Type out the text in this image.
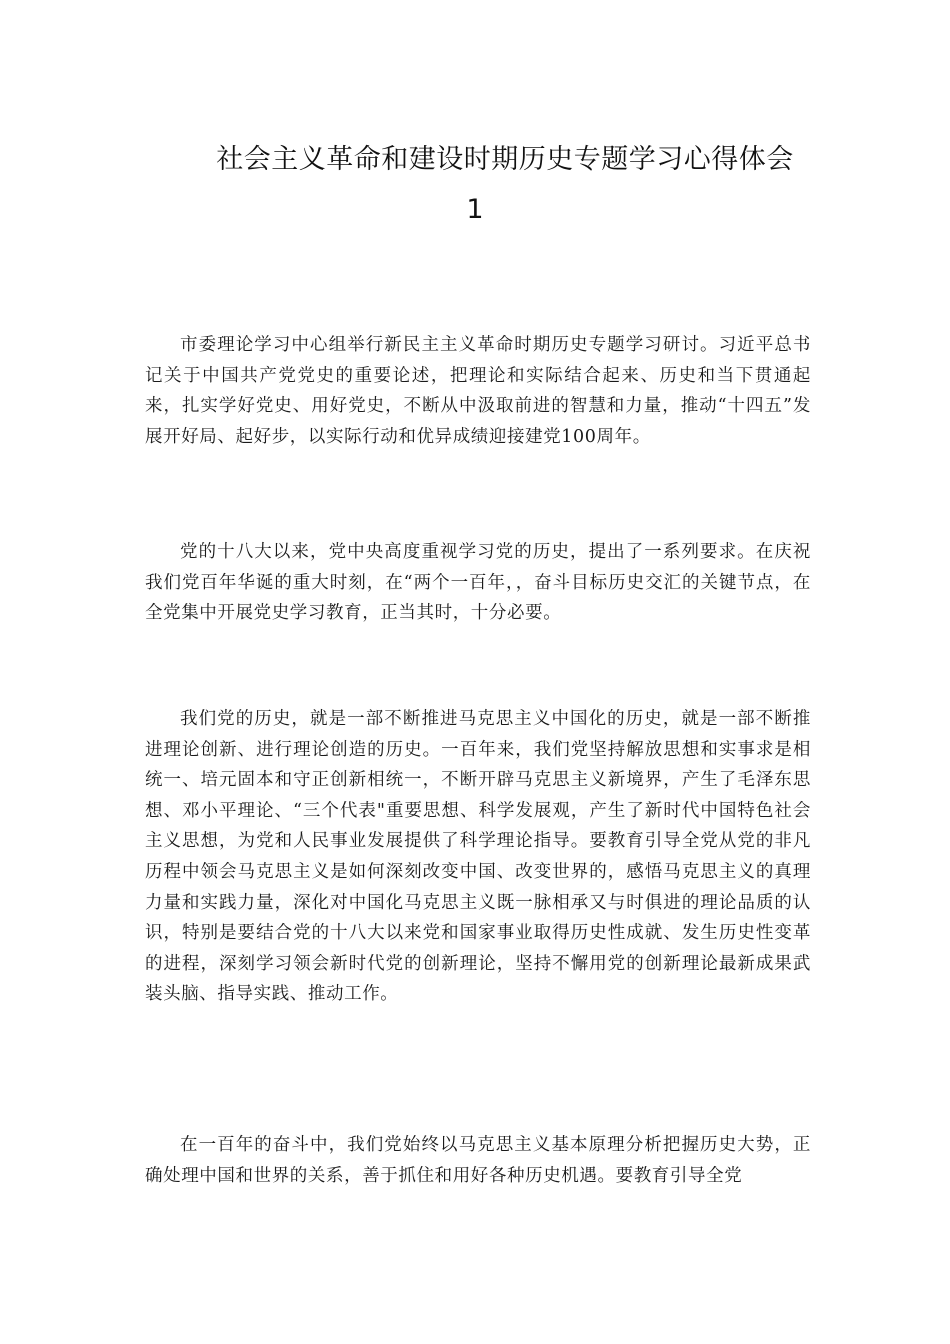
社会主义革命和建设时期历史专题学习心得体会
1

市委理论学习中心组举行新民主主义革命时期历史专题学习研讨。习近平总书记关于中国共产党党史的重要论述，把理论和实际结合起来、历史和当下贯通起来，扎实学好党史、用好党史，不断从中汲取前进的智慧和力量，推动“十四五”发展开好局、起好步，以实际行动和优异成绩迎接建党100周年。

党的十八大以来，党中央高度重视学习党的历史，提出了一系列要求。在庆祝我们党百年华诞的重大时刻，在“两个一百年，，奋斗目标历史交汇的关键节点，在全党集中开展党史学习教育，正当其时，十分必要。

我们党的历史，就是一部不断推进马克思主义中国化的历史，就是一部不断推进理论创新、进行理论创造的历史。一百年来，我们党坚持解放思想和实事求是相统一、培元固本和守正创新相统一，不断开辟马克思主义新境界，产生了毛泽东思想、邓小平理论、“三个代表"重要思想、科学发展观，产生了新时代中国特色社会主义思想，为党和人民事业发展提供了科学理论指导。要教育引导全党从党的非凡历程中领会马克思主义是如何深刻改变中国、改变世界的，感悟马克思主义的真理力量和实践力量，深化对中国化马克思主义既一脉相承又与时俱进的理论品质的认识，特别是要结合党的十八大以来党和国家事业取得历史性成就、发生历史性变革的进程，深刻学习领会新时代党的创新理论，坚持不懈用党的创新理论最新成果武装头脑、指导实践、推动工作。

在一百年的奋斗中，我们党始终以马克思主义基本原理分析把握历史大势，正确处理中国和世界的关系，善于抓住和用好各种历史机遇。要教育引导全党
